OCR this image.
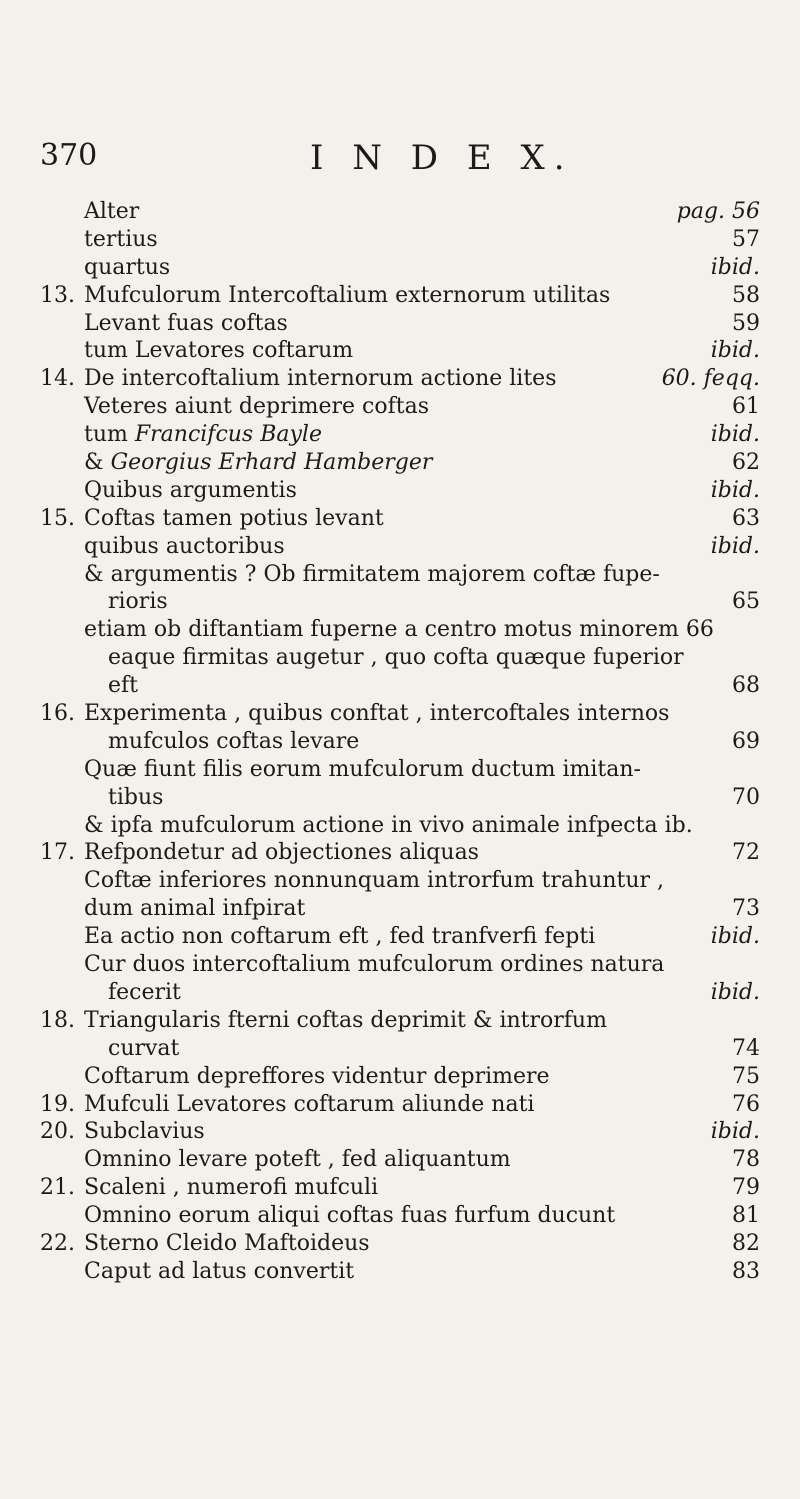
370	I N D E X.
Alter	pag. 56
tertius	57
quartus	ibid.
13. Mufculorum Intercoftalium externorum utilitas	58
Levant fuas coftas	59
tum Levatores coftarum	ibid.
14. De intercoftalium internorum actione lites	60. feqq.
Veteres aiunt deprimere coftas	61
tum Francifcus Bayle	ibid.
& Georgius Erhard Hamberger	62
Quibus argumentis	ibid.
15. Coftas tamen potius levant	63
quibus auctoribus	ibid.
& argumentis ? Ob firmitatem majorem coftæ fupe-
rioris	65
etiam ob diftantiam fuperne a centro motus minorem 66
eaque firmitas augetur , quo cofta quæque fuperior
eft	68
16. Experimenta , quibus conftat , intercoftales internos
mufculos coftas levare	69
Quæ fiunt filis eorum mufculorum ductum imitan-
tibus	70
& ipfa mufculorum actione in vivo animale infpecta ib.
17. Refpondetur ad objectiones aliquas	72
Coftæ inferiores nonnunquam introrfum trahuntur ,
dum animal infpirat	73
Ea actio non coftarum eft , fed tranfverfi fepti	ibid.
Cur duos intercoftalium mufculorum ordines natura
fecerit	ibid.
18. Triangularis fterni coftas deprimit & introrfum
curvat	74
Coftarum depreffores videntur deprimere	75
19. Mufculi Levatores coftarum aliunde nati	76
20. Subclavius	ibid.
Omnino levare poteft , fed aliquantum	78
21. Scaleni , numerofi mufculi	79
Omnino eorum aliqui coftas fuas furfum ducunt	81
22. Sterno Cleido Maftoideus	82
Caput ad latus convertit	83
